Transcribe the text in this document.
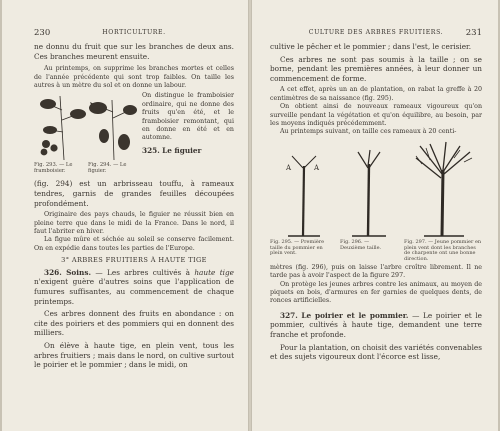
230	HORTICULTURE.

ne donnu du fruit que sur les branches de deux ans. Ces branches meurent ensuite.

Au printemps, on supprime les branches mortes et celles de l'année précédente qui sont trop faibles. On taille les autres à un mètre du sol et on donne un labour.

Fig. 293. — Le framboisier.
Fig. 294. — Le figuier.
On distingue le framboisier ordinaire, qui ne donne des fruits qu'en été, et le framboisier remontant, qui en donne en été et en automne.
325. Le figuier

(fig. 294) est un arbrisseau touffu, à rameaux tendres, garnis de grandes feuilles découpées profondément.

Originaire des pays chauds, le figuier ne réussit bien en pleine terre que dans le midi de la France. Dans le nord, il faut l'abriter en hiver.

La figue mûre et séchée au soleil se conserve facilement. On en expédie dans toutes les parties de l'Europe.

3° ARBRES FRUITIERS À HAUTE TIGE

326. Soins. — Les arbres cultivés à haute tige n'exigent guère d'autres soins que l'application de fumures suffisantes, au commencement de chaque printemps.

Ces arbres donnent des fruits en abondance : on cite des poiriers et des pommiers qui en donnent des milliers.

On élève à haute tige, en plein vent, tous les arbres fruitiers ; mais dans le nord, on cultive surtout le poirier et le pommier ; dans le midi, on

CULTURE DES ARBRES FRUITIERS.	231

cultive le pêcher et le pommier ; dans l'est, le cerisier.

Ces arbres ne sont pas soumis à la taille ; on se borne, pendant les premières années, à leur donner un commencement de forme.

A cet effet, après un an de plantation, on rabat la greffe à 20 centimètres de sa naissance (fig. 295).

On obtient ainsi de nouveaux rameaux vigoureux qu'on surveille pendant la végétation et qu'on équilibre, au besoin, par les moyens indiqués précédemment.

Au printemps suivant, on taille ces rameaux à 20 centi-

A	A
Fig. 295. — Première taille du pommier en plein vent.
Fig. 296. — Deuxième taille.
Fig. 297. — Jeune pommier en plein vent dont les branches de charpente ont une bonne direction.

mètres (fig. 296), puis on laisse l'arbre croître librement. Il ne tarde pas à avoir l'aspect de la figure 297.

On protège les jeunes arbres contre les animaux, au moyen de piquets en bois, d'armures en fer garnies de quelques dents, de ronces artificielles.

327. Le poirier et le pommier. — Le poirier et le pommier, cultivés à haute tige, demandent une terre franche et profonde.

Pour la plantation, on choisit des variétés convenables et des sujets vigoureux dont l'écorce est lisse,
